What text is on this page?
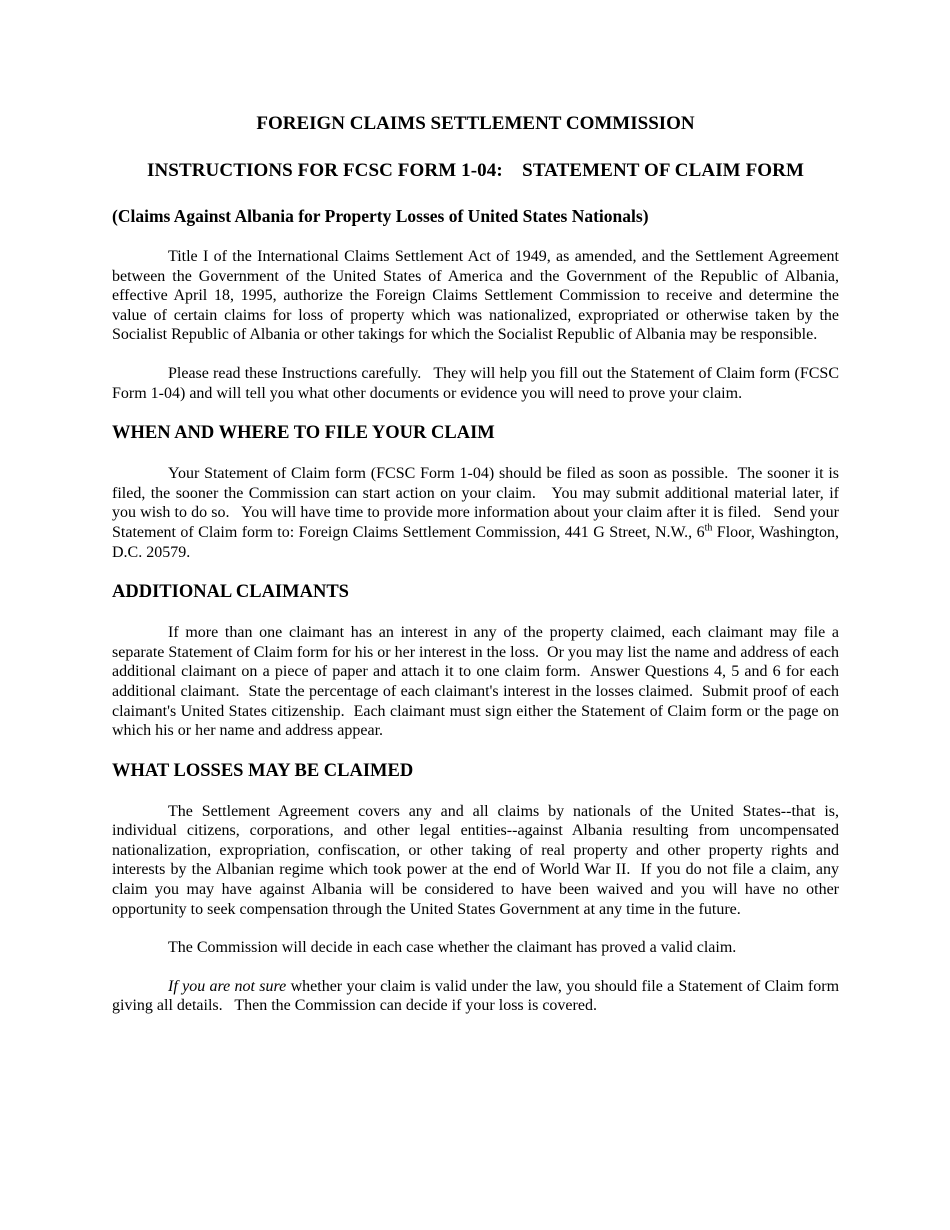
FOREIGN CLAIMS SETTLEMENT COMMISSION
INSTRUCTIONS FOR FCSC FORM 1-04:    STATEMENT OF CLAIM FORM

(Claims Against Albania for Property Losses of United States Nationals)

Title I of the International Claims Settlement Act of 1949, as amended, and the Settlement Agreement between the Government of the United States of America and the Government of the Republic of Albania, effective April 18, 1995, authorize the Foreign Claims Settlement Commission to receive and determine the value of certain claims for loss of property which was nationalized, expropriated or otherwise taken by the Socialist Republic of Albania or other takings for which the Socialist Republic of Albania may be responsible.

Please read these Instructions carefully.   They will help you fill out the Statement of Claim form (FCSC Form 1-04) and will tell you what other documents or evidence you will need to prove your claim.

WHEN AND WHERE TO FILE YOUR CLAIM

Your Statement of Claim form (FCSC Form 1-04) should be filed as soon as possible.  The sooner it is filed, the sooner the Commission can start action on your claim.   You may submit additional material later, if you wish to do so.   You will have time to provide more information about your claim after it is filed.   Send your Statement of Claim form to: Foreign Claims Settlement Commission, 441 G Street, N.W., 6th Floor, Washington, D.C. 20579.

ADDITIONAL CLAIMANTS

If more than one claimant has an interest in any of the property claimed, each claimant may file a separate Statement of Claim form for his or her interest in the loss.  Or you may list the name and address of each additional claimant on a piece of paper and attach it to one claim form.  Answer Questions 4, 5 and 6 for each additional claimant.  State the percentage of each claimant's interest in the losses claimed.  Submit proof of each claimant's United States citizenship.  Each claimant must sign either the Statement of Claim form or the page on which his or her name and address appear.

WHAT LOSSES MAY BE CLAIMED

The Settlement Agreement covers any and all claims by nationals of the United States--that is, individual citizens, corporations, and other legal entities--against Albania resulting from uncompensated nationalization, expropriation, confiscation, or other taking of real property and other property rights and interests by the Albanian regime which took power at the end of World War II.  If you do not file a claim, any claim you may have against Albania will be considered to have been waived and you will have no other opportunity to seek compensation through the United States Government at any time in the future.

The Commission will decide in each case whether the claimant has proved a valid claim.

If you are not sure whether your claim is valid under the law, you should file a Statement of Claim form giving all details.   Then the Commission can decide if your loss is covered.
